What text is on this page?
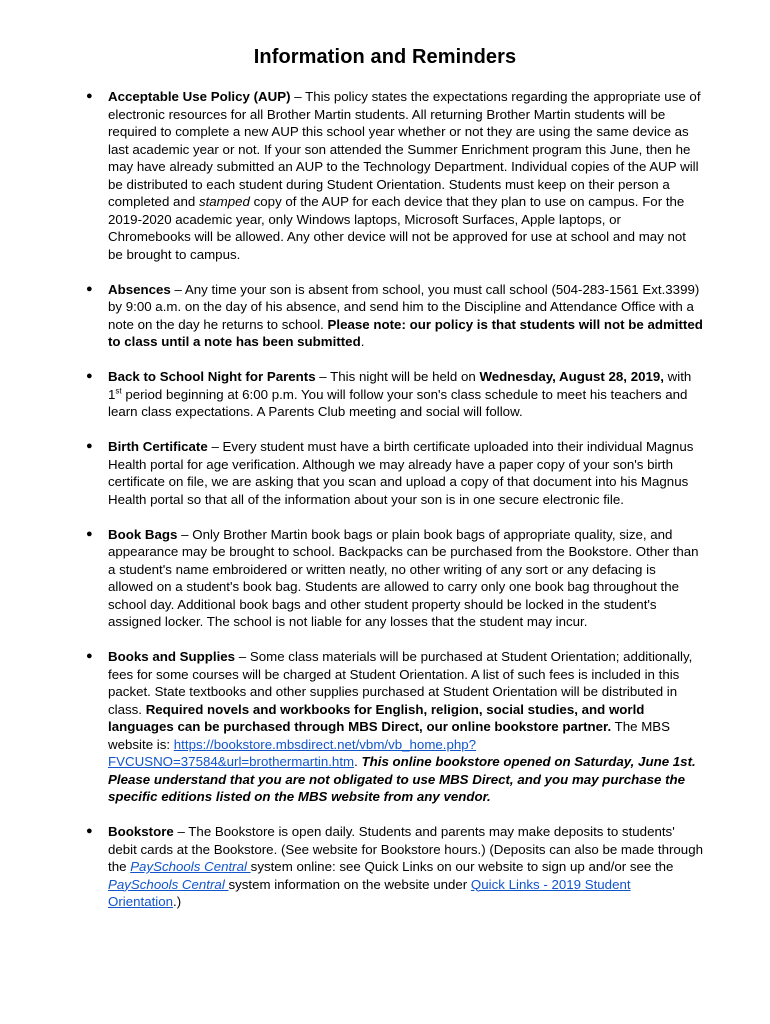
Information and Reminders
● Acceptable Use Policy (AUP) – This policy states the expectations regarding the appropriate use of electronic resources for all Brother Martin students. All returning Brother Martin students will be required to complete a new AUP this school year whether or not they are using the same device as last academic year or not. If your son attended the Summer Enrichment program this June, then he may have already submitted an AUP to the Technology Department. Individual copies of the AUP will be distributed to each student during Student Orientation. Students must keep on their person a completed and stamped copy of the AUP for each device that they plan to use on campus. For the 2019-2020 academic year, only Windows laptops, Microsoft Surfaces, Apple laptops, or Chromebooks will be allowed. Any other device will not be approved for use at school and may not be brought to campus.
● Absences – Any time your son is absent from school, you must call school (504-283-1561 Ext.3399) by 9:00 a.m. on the day of his absence, and send him to the Discipline and Attendance Office with a note on the day he returns to school. Please note: our policy is that students will not be admitted to class until a note has been submitted.
● Back to School Night for Parents – This night will be held on Wednesday, August 28, 2019, with 1st period beginning at 6:00 p.m. You will follow your son's class schedule to meet his teachers and learn class expectations. A Parents Club meeting and social will follow.
● Birth Certificate – Every student must have a birth certificate uploaded into their individual Magnus Health portal for age verification. Although we may already have a paper copy of your son's birth certificate on file, we are asking that you scan and upload a copy of that document into his Magnus Health portal so that all of the information about your son is in one secure electronic file.
● Book Bags – Only Brother Martin book bags or plain book bags of appropriate quality, size, and appearance may be brought to school. Backpacks can be purchased from the Bookstore. Other than a student's name embroidered or written neatly, no other writing of any sort or any defacing is allowed on a student's book bag. Students are allowed to carry only one book bag throughout the school day. Additional book bags and other student property should be locked in the student's assigned locker. The school is not liable for any losses that the student may incur.
● Books and Supplies – Some class materials will be purchased at Student Orientation; additionally, fees for some courses will be charged at Student Orientation. A list of such fees is included in this packet. State textbooks and other supplies purchased at Student Orientation will be distributed in class. Required novels and workbooks for English, religion, social studies, and world languages can be purchased through MBS Direct, our online bookstore partner. The MBS website is: https://bookstore.mbsdirect.net/vbm/vb_home.php?FVCUSNO=37584&url=brothermartin.htm. This online bookstore opened on Saturday, June 1st. Please understand that you are not obligated to use MBS Direct, and you may purchase the specific editions listed on the MBS website from any vendor.
● Bookstore – The Bookstore is open daily. Students and parents may make deposits to students' debit cards at the Bookstore. (See website for Bookstore hours.) (Deposits can also be made through the PaySchools Central system online: see Quick Links on our website to sign up and/or see the PaySchools Central system information on the website under Quick Links - 2019 Student Orientation.)
